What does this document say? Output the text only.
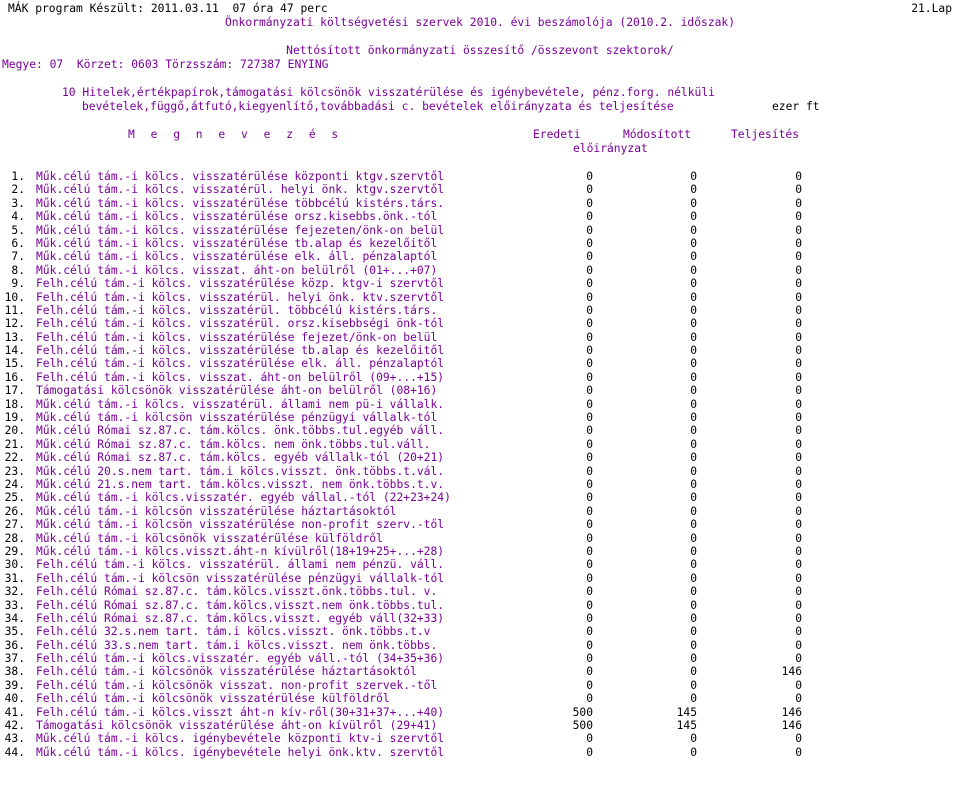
MÁK program Készült: 2011.03.11  07 óra 47 perc	21.Lap
Önkormányzati költségvetési szervek 2010. évi beszámolója (2010.2. időszak)
Nettósított önkormányzati összesítő /összevont szektorok/
Megye: 07  Körzet: 0603 Törzsszám: 727387 ENYING
10 Hitelek,értékpapírok,támogatási kölcsönök visszatérülése és igénybevétele, pénz.forg. nélküli
bevételek,függő,átfutó,kiegyenlítő,továbbadási c. bevételek előirányzata és teljesítése	ezer ft
M e g n e v e z é s	Eredeti
előirányzat
Módosított	Teljesítés
1. Műk.célú tám.-i kölcs. visszatérülése központi ktgv.szervtől	0	0	0
2. Műk.célú tám.-i kölcs. visszatérül. helyi önk. ktgv.szervtől	0	0	0
3. Műk.célú tám.-i kölcs. visszatérülése többcélú kistérs.társ.	0	0	0
4. Műk.célú tám.-i kölcs. visszatérülése orsz.kisebbs.önk.-tól	0	0	0
5. Műk.célú tám.-i kölcs. visszatérülése fejezeten/önk-on belül	0	0	0
6. Műk.célú tám.-i kölcs. visszatérülése tb.alap és kezelőitől	0	0	0
7. Műk.célú tám.-i kölcs. visszatérülése elk. áll. pénzalaptól	0	0	0
8. Műk.célú tám.-i kölcs. visszat. áht-on belülről (01+...+07)	0	0	0
9. Felh.célú tám.-i kölcs. visszatérülése közp. ktgv-i szervtől	0	0	0
10. Felh.célú tám.-i kölcs. visszatérül. helyi önk. ktv.szervtől	0	0	0
11. Felh.célú tám.-i kölcs. visszatérül. többcélú kistérs.társ.	0	0	0
12. Felh.célú tám.-i kölcs. visszatérül. orsz.kisebbségi önk-tól	0	0	0
13. Felh.célú tám.-i kölcs. visszatérülése fejezet/önk-on belül	0	0	0
14. Felh.célú tám.-i kölcs. visszatérülése tb.alap és kezelőitől	0	0	0
15. Felh.célú tám.-i kölcs. visszatérülése elk. áll. pénzalaptól	0	0	0
16. Felh.célú tám.-i kölcs. visszat. áht-on belülről (09+...+15)	0	0	0
17. Támogatási kölcsönök visszatérülése áht-on belülről (08+16)	0	0	0
18. Műk.célú tám.-i kölcs. visszatérül. állami nem pü-i vállalk.	0	0	0
19. Műk.célú tám.-i kölcsön visszatérülése pénzügyi vállalk-tól	0	0	0
20. Műk.célú Római sz.87.c. tám.kölcs. önk.többs.tul.egyéb váll.	0	0	0
21. Műk.célú Római sz.87.c. tám.kölcs. nem önk.többs.tul.váll.	0	0	0
22. Műk.célú Római sz.87.c. tám.kölcs. egyéb vállalk-tól (20+21)	0	0	0
23. Műk.célú 20.s.nem tart. tám.i kölcs.visszt. önk.többs.t.vál.	0	0	0
24. Műk.célú 21.s.nem tart. tám.kölcs.visszt. nem önk.többs.t.v.	0	0	0
25. Műk.célú tám.-i kölcs.visszatér. egyéb vállal.-tól (22+23+24)	0	0	0
26. Műk.célú tám.-i kölcsön visszatérülése háztartásoktól	0	0	0
27. Műk.célú tám.-i kölcsön visszatérülése non-profit szerv.-től	0	0	0
28. Műk.célú tám.-i kölcsönök visszatérülése külföldről	0	0	0
29. Műk.célú tám.-i kölcs.visszt.áht-n kívülről(18+19+25+...+28)	0	0	0
30. Felh.célú tám.-i kölcs. visszatérül. állami nem pénzü. váll.	0	0	0
31. Felh.célú tám.-i kölcsön visszatérülése pénzügyi vállalk-tól	0	0	0
32. Felh.célú Római sz.87.c. tám.kölcs.visszt.önk.többs.tul. v.	0	0	0
33. Felh.célú Római sz.87.c. tám.kölcs.visszt.nem önk.többs.tul.	0	0	0
34. Felh.célú Római sz.87.c. tám.kölcs.visszt. egyéb váll(32+33)	0	0	0
35. Felh.célú 32.s.nem tart. tám.i kölcs.visszt. önk.többs.t.v	0	0	0
36. Felh.célú 33.s.nem tart. tám.i kölcs.visszt. nem önk.többs.	0	0	0
37. Felh.célú tám.-i kölcs.visszatér. egyéb váll.-tól (34+35+36)	0	0	0
38. Felh.célú tám.-i kölcsönök visszatérülése háztartásoktól	0	0	146
39. Felh.célú tám.-i kölcsönök visszat. non-profit szervek.-től	0	0	0
40. Felh.célú tám.-i kölcsönök visszatérülése külföldről	0	0	0
41. Felh.célú tám.-i kölcs.visszt áht-n kív-ről(30+31+37+...+40)	500	145	146
42. Támogatási kölcsönök visszatérülése áht-on kívülről (29+41)	500	145	146
43. Műk.célú tám.-i kölcs. igénybevétele központi ktv-i szervtől	0	0	0
44. Műk.célú tám.-i kölcs. igénybevétele helyi önk.ktv. szervtől	0	0	0
